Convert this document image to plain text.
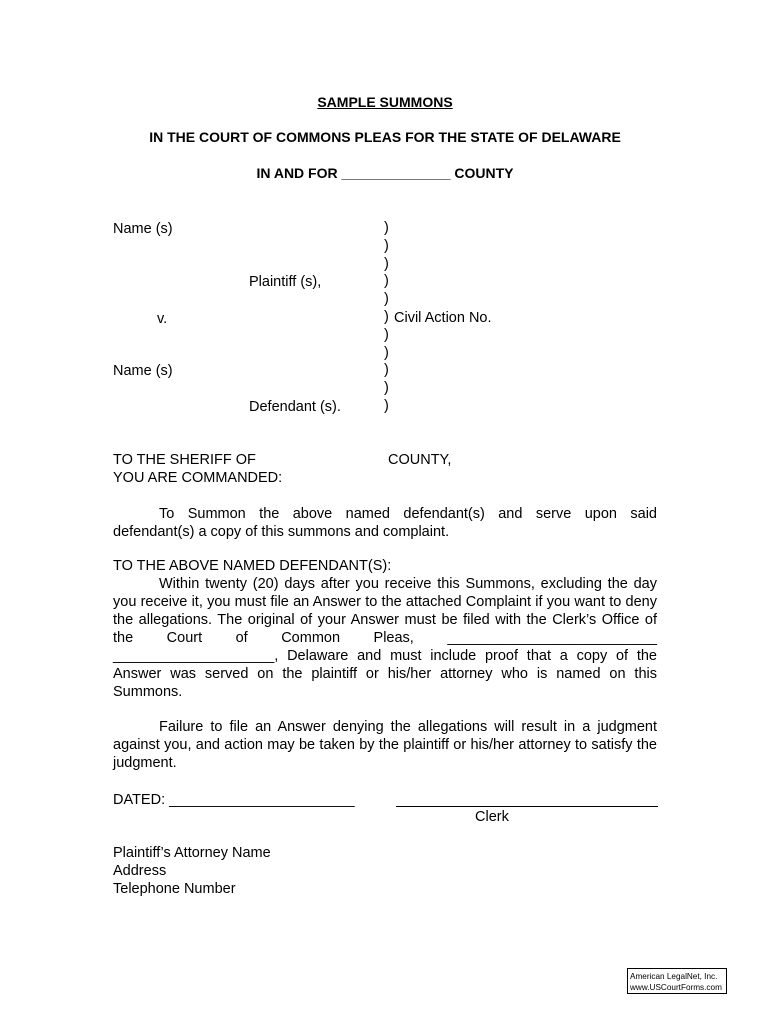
SAMPLE SUMMONS
IN THE COURT OF COMMONS PLEAS FOR THE STATE OF DELAWARE
IN AND FOR ______________ COUNTY
Name (s)
Plaintiff (s),
v.
Name (s)
Defendant (s).
)
)
)
)
)
)
)
)
)
)
)
Civil Action No.
TO THE SHERIFF OF	COUNTY,
YOU ARE COMMANDED:

To Summon the above named defendant(s) and serve upon said defendant(s) a copy of this summons and complaint.

TO THE ABOVE NAMED DEFENDANT(S):

Within twenty (20) days after you receive this Summons, excluding the day you receive it, you must file an Answer to the attached Complaint if you want to deny the allegations. The original of your Answer must be filed with the Clerk’s Office of the Court of Common Pleas, __________________________ ____________________, Delaware and must include proof that a copy of the Answer was served on the plaintiff or his/her attorney who is named on this Summons.

Failure to file an Answer denying the allegations will result in a judgment against you, and action may be taken by the plaintiff or his/her attorney to satisfy the judgment.

DATED: _______________________
Clerk
Plaintiff’s Attorney Name
Address
Telephone Number
American LegalNet, Inc.
www.USCourtForms.com
